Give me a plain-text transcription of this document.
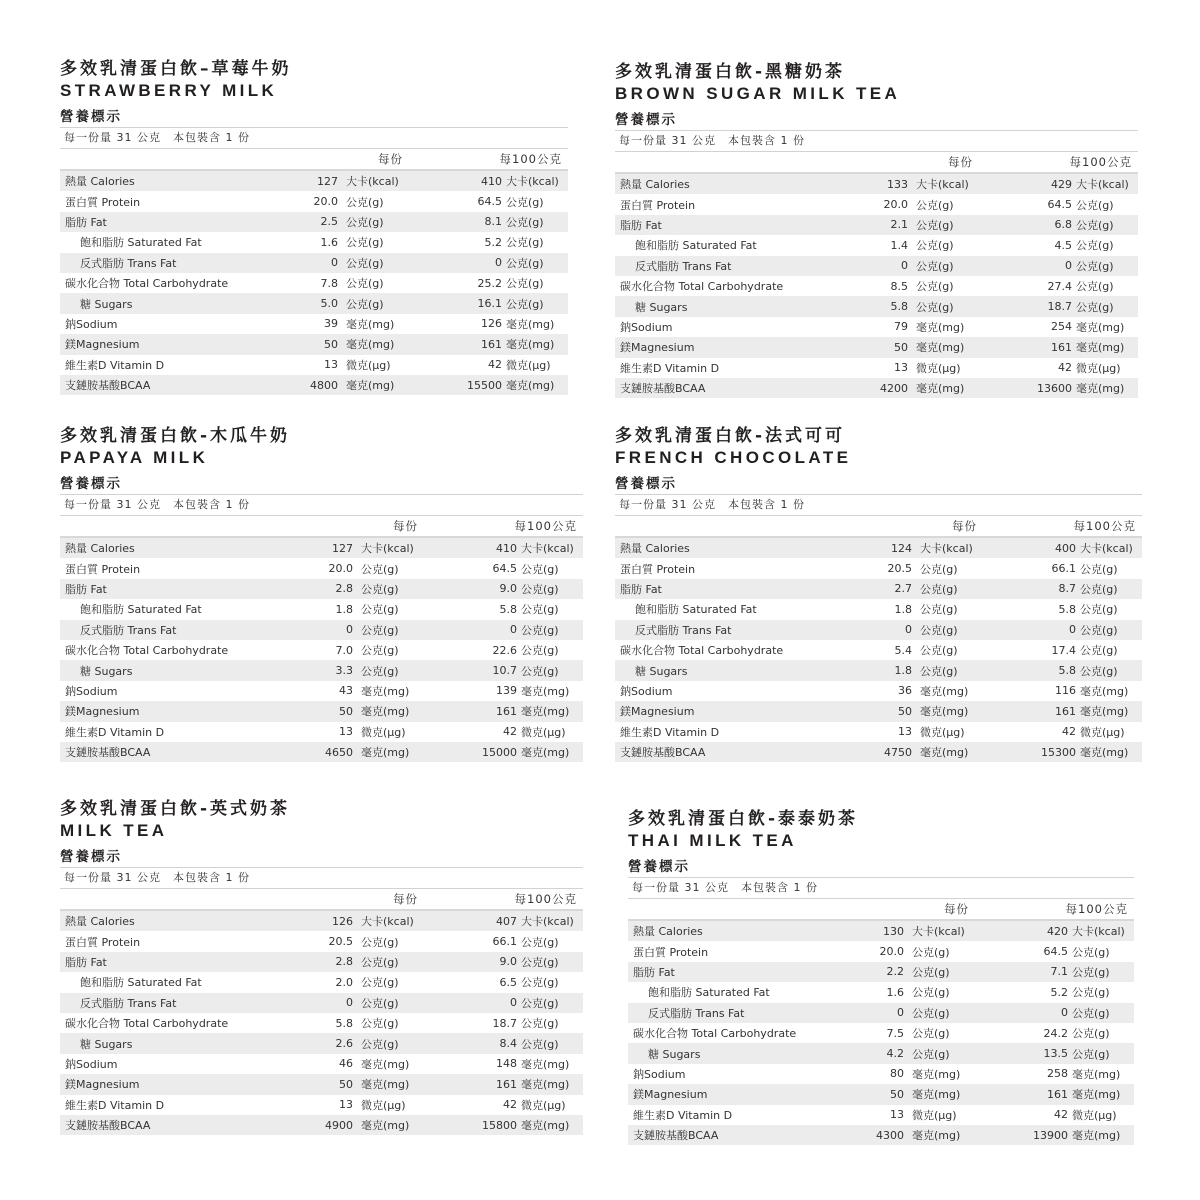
多效乳清蛋白飲–草莓牛奶
STRAWBERRY MILK
營養標示
每一份量 31 公克　本包裝含 1 份
每份	每100公克
熱量 Calories	127 大卡(kcal)	410 大卡(kcal)
蛋白質 Protein	20.0 公克(g)	64.5 公克(g)
脂肪 Fat	2.5 公克(g)	8.1 公克(g)
飽和脂肪 Saturated Fat	1.6 公克(g)	5.2 公克(g)
反式脂肪 Trans Fat	0 公克(g)	0 公克(g)
碳水化合物 Total Carbohydrate	7.8 公克(g)	25.2 公克(g)
糖 Sugars	5.0 公克(g)	16.1 公克(g)
鈉Sodium	39 毫克(mg)	126 毫克(mg)
鎂Magnesium	50 毫克(mg)	161 毫克(mg)
維生素D Vitamin D	13 微克(μg)	42 微克(μg)
支鏈胺基酸BCAA	4800 毫克(mg)	15500 毫克(mg)
多效乳清蛋白飲-黑糖奶茶
BROWN SUGAR MILK TEA
營養標示
每一份量 31 公克　本包裝含 1 份
每份	每100公克
熱量 Calories	133 大卡(kcal)	429 大卡(kcal)
蛋白質 Protein	20.0 公克(g)	64.5 公克(g)
脂肪 Fat	2.1 公克(g)	6.8 公克(g)
飽和脂肪 Saturated Fat	1.4 公克(g)	4.5 公克(g)
反式脂肪 Trans Fat	0 公克(g)	0 公克(g)
碳水化合物 Total Carbohydrate	8.5 公克(g)	27.4 公克(g)
糖 Sugars	5.8 公克(g)	18.7 公克(g)
鈉Sodium	79 毫克(mg)	254 毫克(mg)
鎂Magnesium	50 毫克(mg)	161 毫克(mg)
維生素D Vitamin D	13 微克(μg)	42 微克(μg)
支鏈胺基酸BCAA	4200 毫克(mg)	13600 毫克(mg)
多效乳清蛋白飲-木瓜牛奶
PAPAYA MILK
營養標示
每一份量 31 公克　本包裝含 1 份
每份	每100公克
熱量 Calories	127 大卡(kcal)	410 大卡(kcal)
蛋白質 Protein	20.0 公克(g)	64.5 公克(g)
脂肪 Fat	2.8 公克(g)	9.0 公克(g)
飽和脂肪 Saturated Fat	1.8 公克(g)	5.8 公克(g)
反式脂肪 Trans Fat	0 公克(g)	0 公克(g)
碳水化合物 Total Carbohydrate	7.0 公克(g)	22.6 公克(g)
糖 Sugars	3.3 公克(g)	10.7 公克(g)
鈉Sodium	43 毫克(mg)	139 毫克(mg)
鎂Magnesium	50 毫克(mg)	161 毫克(mg)
維生素D Vitamin D	13 微克(μg)	42 微克(μg)
支鏈胺基酸BCAA	4650 毫克(mg)	15000 毫克(mg)
多效乳清蛋白飲-法式可可
FRENCH CHOCOLATE
營養標示
每一份量 31 公克　本包裝含 1 份
每份	每100公克
熱量 Calories	124 大卡(kcal)	400 大卡(kcal)
蛋白質 Protein	20.5 公克(g)	66.1 公克(g)
脂肪 Fat	2.7 公克(g)	8.7 公克(g)
飽和脂肪 Saturated Fat	1.8 公克(g)	5.8 公克(g)
反式脂肪 Trans Fat	0 公克(g)	0 公克(g)
碳水化合物 Total Carbohydrate	5.4 公克(g)	17.4 公克(g)
糖 Sugars	1.8 公克(g)	5.8 公克(g)
鈉Sodium	36 毫克(mg)	116 毫克(mg)
鎂Magnesium	50 毫克(mg)	161 毫克(mg)
維生素D Vitamin D	13 微克(μg)	42 微克(μg)
支鏈胺基酸BCAA	4750 毫克(mg)	15300 毫克(mg)
多效乳清蛋白飲-英式奶茶
MILK TEA
營養標示
每一份量 31 公克　本包裝含 1 份
每份	每100公克
熱量 Calories	126 大卡(kcal)	407 大卡(kcal)
蛋白質 Protein	20.5 公克(g)	66.1 公克(g)
脂肪 Fat	2.8 公克(g)	9.0 公克(g)
飽和脂肪 Saturated Fat	2.0 公克(g)	6.5 公克(g)
反式脂肪 Trans Fat	0 公克(g)	0 公克(g)
碳水化合物 Total Carbohydrate	5.8 公克(g)	18.7 公克(g)
糖 Sugars	2.6 公克(g)	8.4 公克(g)
鈉Sodium	46 毫克(mg)	148 毫克(mg)
鎂Magnesium	50 毫克(mg)	161 毫克(mg)
維生素D Vitamin D	13 微克(μg)	42 微克(μg)
支鏈胺基酸BCAA	4900 毫克(mg)	15800 毫克(mg)
多效乳清蛋白飲-泰泰奶茶
THAI MILK TEA
營養標示
每一份量 31 公克　本包裝含 1 份
每份	每100公克
熱量 Calories	130 大卡(kcal)	420 大卡(kcal)
蛋白質 Protein	20.0 公克(g)	64.5 公克(g)
脂肪 Fat	2.2 公克(g)	7.1 公克(g)
飽和脂肪 Saturated Fat	1.6 公克(g)	5.2 公克(g)
反式脂肪 Trans Fat	0 公克(g)	0 公克(g)
碳水化合物 Total Carbohydrate	7.5 公克(g)	24.2 公克(g)
糖 Sugars	4.2 公克(g)	13.5 公克(g)
鈉Sodium	80 毫克(mg)	258 毫克(mg)
鎂Magnesium	50 毫克(mg)	161 毫克(mg)
維生素D Vitamin D	13 微克(μg)	42 微克(μg)
支鏈胺基酸BCAA	4300 毫克(mg)	13900 毫克(mg)
